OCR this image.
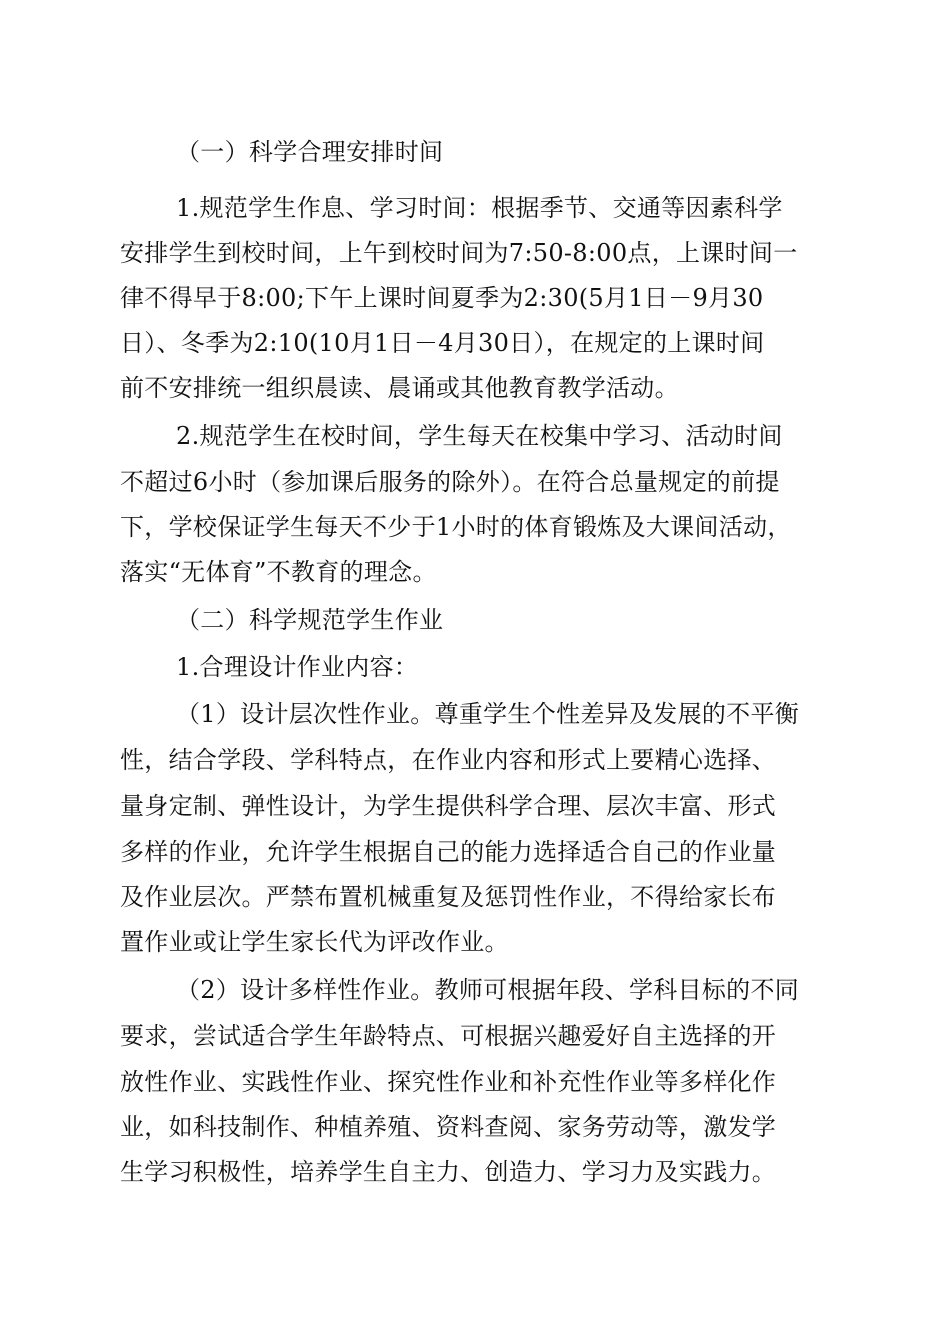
（一）科学合理安排时间
1.规范学生作息、学习时间：根据季节、交通等因素科学
安排学生到校时间，上午到校时间为7:50-8:00点，上课时间一
律不得早于8:00;下午上课时间夏季为2:30(5月1日－9月30
日）、冬季为2:10(10月1日－4月30日），在规定的上课时间
前不安排统一组织晨读、晨诵或其他教育教学活动。
2.规范学生在校时间，学生每天在校集中学习、活动时间
不超过6小时（参加课后服务的除外）。在符合总量规定的前提
下，学校保证学生每天不少于1小时的体育锻炼及大课间活动，
落实“无体育”不教育的理念。
（二）科学规范学生作业
1.合理设计作业内容：
（1）设计层次性作业。尊重学生个性差异及发展的不平衡
性，结合学段、学科特点，在作业内容和形式上要精心选择、
量身定制、弹性设计，为学生提供科学合理、层次丰富、形式
多样的作业，允许学生根据自己的能力选择适合自己的作业量
及作业层次。严禁布置机械重复及惩罚性作业，不得给家长布
置作业或让学生家长代为评改作业。
（2）设计多样性作业。教师可根据年段、学科目标的不同
要求，尝试适合学生年龄特点、可根据兴趣爱好自主选择的开
放性作业、实践性作业、探究性作业和补充性作业等多样化作
业，如科技制作、种植养殖、资料查阅、家务劳动等，激发学
生学习积极性，培养学生自主力、创造力、学习力及实践力。
